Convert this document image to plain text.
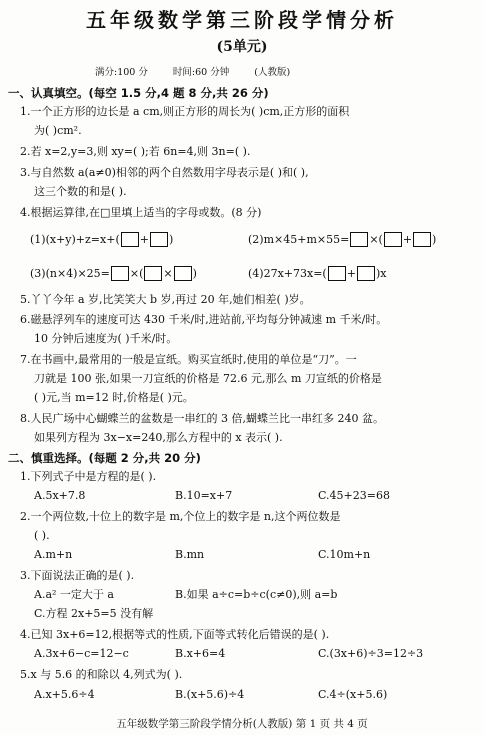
五年级数学第三阶段学情分析
(5单元)
满分:100 分	时间:60 分钟	(人教版)
一、认真填空。(每空 1.5 分,4 题 8 分,共 26 分)
1.一个正方形的边长是 a cm,则正方形的周长为( )cm,正方形的面积
为( )cm².
2.若 x=2,y=3,则 xy=( );若 6n=4,则 3n=( ).
3.与自然数 a(a≠0)相邻的两个自然数用字母表示是( )和( ),
这三个数的和是( ).
4.根据运算律,在□里填上适当的字母或数。(8 分)
(1)(x+y)+z=x+( + )	(2)m×45+m×55= ×( + )
(3)(n×4)×25= ×( × )	(4)27x+73x=( + )x
5.丫丫今年 a 岁,比笑笑大 b 岁,再过 20 年,她们相差( )岁。
6.磁悬浮列车的速度可达 430 千米/时,进站前,平均每分钟减速 m 千米/时。
10 分钟后速度为( )千米/时。
7.在书画中,最常用的一般是宣纸。购买宣纸时,使用的单位是“刀”。一
刀就是 100 张,如果一刀宣纸的价格是 72.6 元,那么 m 刀宣纸的价格是
( )元,当 m=12 时,价格是( )元。
8.人民广场中心蝴蝶兰的盆数是一串红的 3 倍,蝴蝶兰比一串红多 240 盆。
如果列方程为 3x−x=240,那么方程中的 x 表示( ).
二、慎重选择。(每题 2 分,共 20 分)
1.下列式子中是方程的是( ).
A.5x+7.8	B.10=x+7	C.45+23=68
2.一个两位数,十位上的数字是 m,个位上的数字是 n,这个两位数是
( ).
A.m+n	B.mn	C.10m+n
3.下面说法正确的是( ).
A.a² 一定大于 a	B.如果 a÷c=b÷c(c≠0),则 a=b
C.方程 2x+5=5 没有解
4.已知 3x+6=12,根据等式的性质,下面等式转化后错误的是( ).
A.3x+6−c=12−c	B.x+6=4	C.(3x+6)÷3=12÷3
5.x 与 5.6 的和除以 4,列式为( ).
A.x+5.6÷4	B.(x+5.6)÷4	C.4÷(x+5.6)
五年级数学第三阶段学情分析(人教版) 第 1 页 共 4 页
